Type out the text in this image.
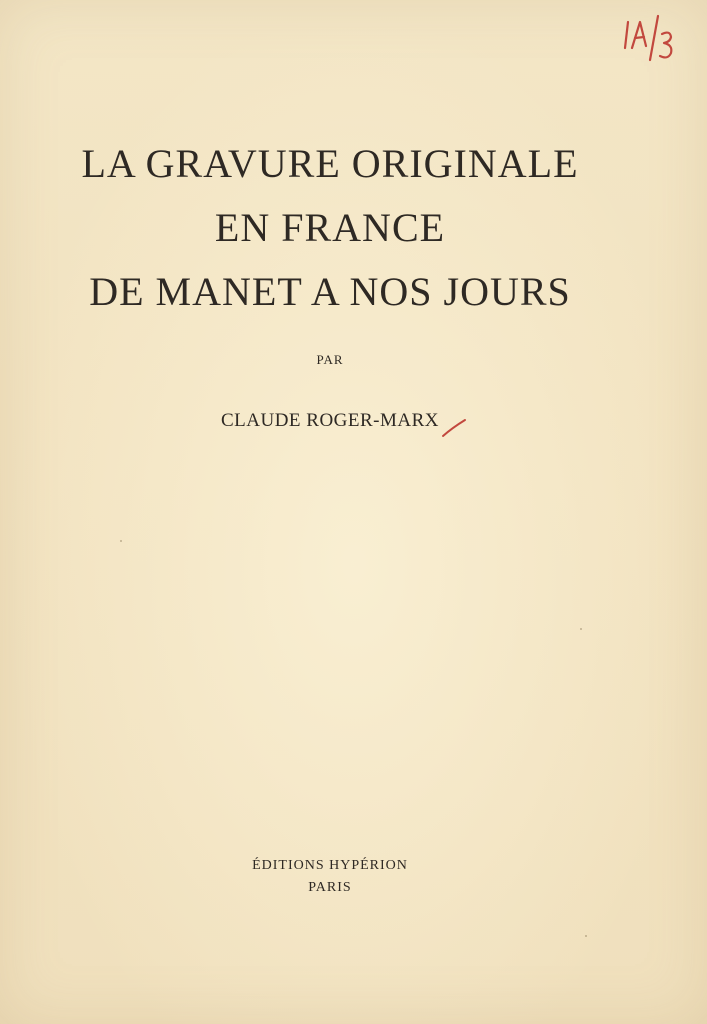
LA GRAVURE ORIGINALE
EN FRANCE
DE MANET A NOS JOURS
PAR
CLAUDE ROGER-MARX
ÉDITIONS HYPÉRION
PARIS
